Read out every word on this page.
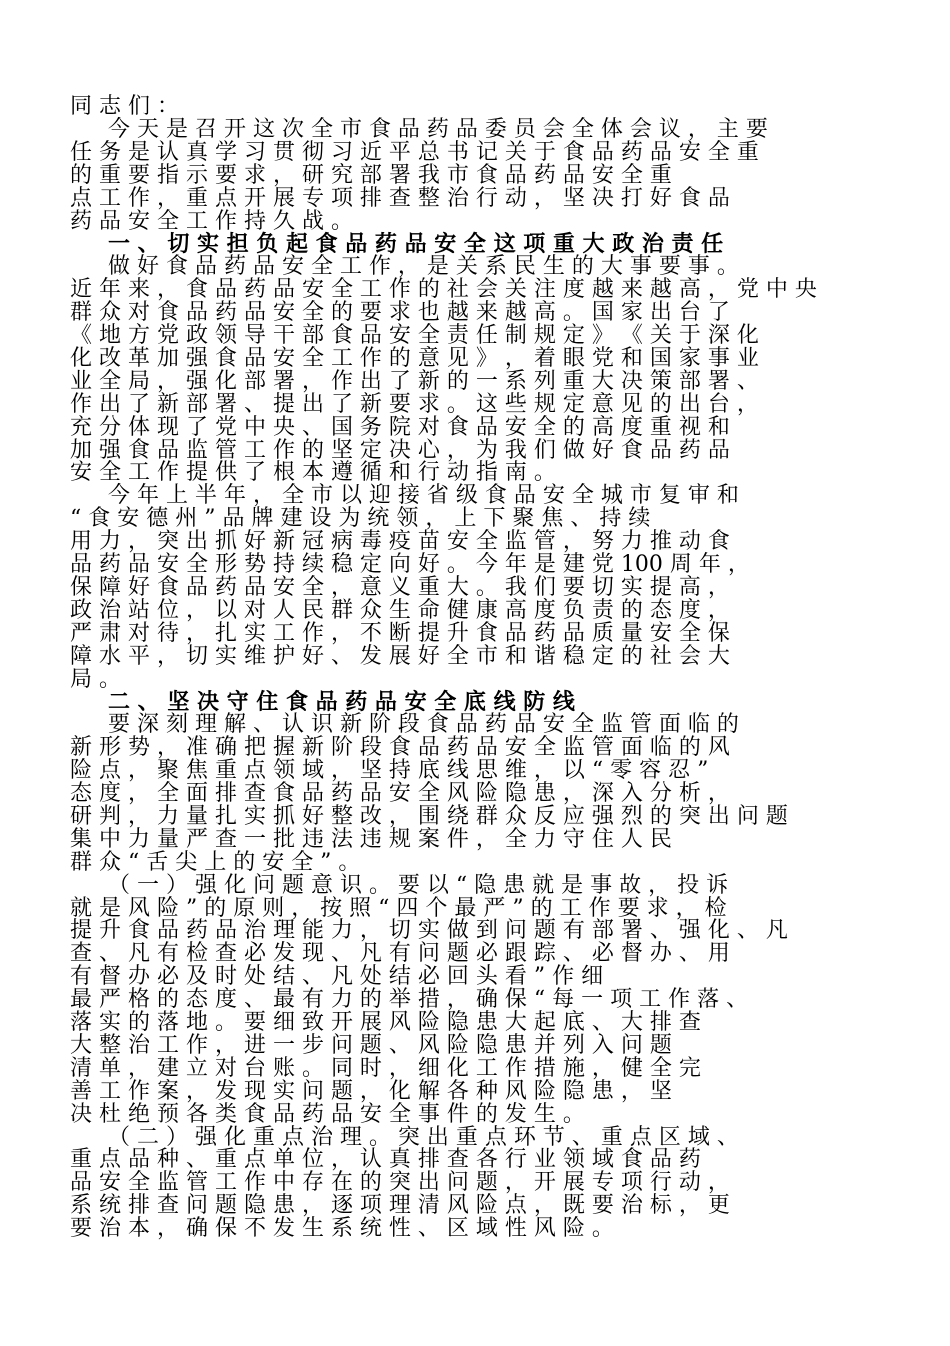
同 志 们 ：
今 天 是 召 开 这 次 全 市 食 品 药 品 委 员 会 全 体 会 议 ， 主 要
任 务 是 认 真 学 习 贯 彻 习 近 平 总 书 记 关 于 食 品 药 品 安 全 重
的 重 要 指 示 要 求 ， 研 究 部 署 我 市 食 品 药 品 安 全 重
点 工 作 ， 重 点 开 展 专 项 排 查 整 治 行 动 ， 坚 决 打 好 食 品
药 品 安 全 工 作 持 久 战 。
一 、 切 实 担 负 起 食 品 药 品 安 全 这 项 重 大 政 治 责 任
做 好 食 品 药 品 安 全 工 作 ， 是 关 系 民 生 的 大 事 要 事 。
近 年 来 ， 食 品 药 品 安 全 工 作 的 社 会 关 注 度 越 来 越 高 ， 党 中 央
群 众 对 食 品 药 品 安 全 的 要 求 也 越 来 越 高 。 国 家 出 台 了
《 地 方 党 政 领 导 干 部 食 品 安 全 责 任 制 规 定 》 《 关 于 深 化
化 改 革 加 强 食 品 安 全 工 作 的 意 见 》 ， 着 眼 党 和 国 家 事 业
业 全 局 ， 强 化 部 署 ， 作 出 了 新 的 一 系 列 重 大 决 策 部 署 、
作 出 了 新 部 署 、 提 出 了 新 要 求 。 这 些 规 定 意 见 的 出 台 ，
充 分 体 现 了 党 中 央 、 国 务 院 对 食 品 安 全 的 高 度 重 视 和
加 强 食 品 监 管 工 作 的 坚 定 决 心 ， 为 我 们 做 好 食 品 药 品
安 全 工 作 提 供 了 根 本 遵 循 和 行 动 指 南 。
今 年 上 半 年 ， 全 市 以 迎 接 省 级 食 品 安 全 城 市 复 审 和
“ 食 安 德 州 ” 品 牌 建 设 为 统 领 ， 上 下 聚 焦 、 持 续
用 力 ， 突 出 抓 好 新 冠 病 毒 疫 苗 安 全 监 管 ， 努 力 推 动 食
品 药 品 安 全 形 势 持 续 稳 定 向 好 。 今 年 是 建 党 100 周 年 ，
保 障 好 食 品 药 品 安 全 ， 意 义 重 大 。 我 们 要 切 实 提 高 ，
政 治 站 位 ， 以 对 人 民 群 众 生 命 健 康 高 度 负 责 的 态 度 ，
严 肃 对 待 ， 扎 实 工 作 ， 不 断 提 升 食 品 药 品 质 量 安 全 保
障 水 平 ， 切 实 维 护 好 、 发 展 好 全 市 和 谐 稳 定 的 社 会 大
局 。
二 、 坚 决 守 住 食 品 药 品 安 全 底 线 防 线
要 深 刻 理 解 、 认 识 新 阶 段 食 品 药 品 安 全 监 管 面 临 的
新 形 势 ， 准 确 把 握 新 阶 段 食 品 药 品 安 全 监 管 面 临 的 风
险 点 ， 聚 焦 重 点 领 域 ， 坚 持 底 线 思 维 ， 以 “ 零 容 忍 ”
态 度 ， 全 面 排 查 食 品 药 品 安 全 风 险 隐 患 ， 深 入 分 析 ，
研 判 ， 力 量 扎 实 抓 好 整 改 ， 围 绕 群 众 反 应 强 烈 的 突 出 问 题
集 中 力 量 严 查 一 批 违 法 违 规 案 件 ， 全 力 守 住 人 民
群 众 “ 舌 尖 上 的 安 全 ” 。
（ 一 ） 强 化 问 题 意 识 。 要 以 “ 隐 患 就 是 事 故 ， 投 诉
就 是 风 险 ” 的 原 则 ， 按 照 “ 四 个 最 严 ” 的 工 作 要 求 ， 检
提 升 食 品 药 品 治 理 能 力 ， 切 实 做 到 问 题 有 部 署 、 强 化 、 凡
查 、 凡 有 检 查 必 发 现 、 凡 有 问 题 必 跟 踪 、 必 督 办 、 用
有 督 办 必 及 时 处 结 、 凡 处 结 必 回 头 看 ” 作 细
最 严 格 的 态 度 、 最 有 力 的 举 措 ， 确 保 “ 每 一 项 工 作 落 、
落 实 的 落 地 。 要 细 致 开 展 风 险 隐 患 大 起 底 、 大 排 查
大 整 治 工 作 ， 进 一 步 问 题 、 风 险 隐 患 并 列 入 问 题
清 单 ， 建 立 对 台 账 。 同 时 ， 细 化 工 作 措 施 ， 健 全 完
善 工 作 案 ， 发 现 实 问 题 ， 化 解 各 种 风 险 隐 患 ， 坚
决 杜 绝 预 各 类 食 品 药 品 安 全 事 件 的 发 生 。
（ 二 ） 强 化 重 点 治 理 。 突 出 重 点 环 节 、 重 点 区 域 、
重 点 品 种 、 重 点 单 位 ， 认 真 排 查 各 行 业 领 域 食 品 药
品 安 全 监 管 工 作 中 存 在 的 突 出 问 题 ， 开 展 专 项 行 动 ，
系 统 排 查 问 题 隐 患 ， 逐 项 理 清 风 险 点 ， 既 要 治 标 ， 更
要 治 本 ， 确 保 不 发 生 系 统 性 、 区 域 性 风 险 。
